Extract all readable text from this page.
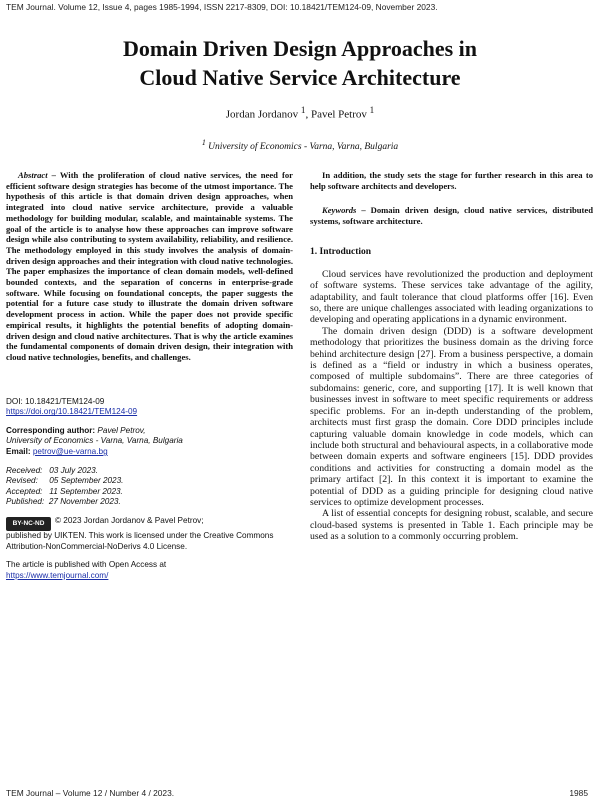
TEM Journal. Volume 12, Issue 4, pages 1985-1994, ISSN 2217-8309, DOI: 10.18421/TEM124-09, November 2023.
Domain Driven Design Approaches in
Cloud Native Service Architecture
Jordan Jordanov $^1$, Pavel Petrov $^1$
$^1$ University of Economics - Varna, Varna, Bulgaria

Abstract – With the proliferation of cloud native services, the need for efficient software design strategies has become of the utmost importance. The hypothesis of this article is that domain driven design approaches, when integrated into cloud native service architecture, provide a valuable methodology for building modular, scalable, and maintainable systems. The goal of the article is to analyse how these approaches can improve software design while also contributing to system availability, reliability, and resilience. The methodology employed in this study involves the analysis of domain-driven design approaches and their integration with cloud native technologies. The paper emphasizes the importance of clean domain models, well-defined bounded contexts, and the separation of concerns in enterprise-grade software. While focusing on foundational concepts, the paper suggests the potential for a future case study to illustrate the domain driven software development process in action. While the paper does not provide specific empirical results, it highlights the potential benefits of adopting domain-driven design and cloud native architectures. That is why the article examines the fundamental components of domain driven design, their integration with cloud native technologies, benefits, and challenges.

DOI: 10.18421/TEM124-09

https://doi.org/10.18421/TEM124-09

Corresponding author: Pavel Petrov,

University of Economics - Varna, Varna, Bulgaria

Email: petrov@ue-varna.bg

Received: 03 July 2023.

Revised: 05 September 2023.

Accepted: 11 September 2023.

Published: 27 November 2023.

BY-NC-ND	© 2023 Jordan Jordanov & Pavel Petrov;

published by UIKTEN. This work is licensed under the Creative Commons Attribution-NonCommercial-NoDerivs 4.0 License.

The article is published with Open Access at

https://www.temjournal.com/

In addition, the study sets the stage for further research in this area to help software architects and developers.

Keywords – Domain driven design, cloud native services, distributed systems, software architecture.

1. Introduction

Cloud services have revolutionized the production and deployment of software systems. These services take advantage of the agility, adaptability, and fault tolerance that cloud platforms offer [16]. Even so, there are unique challenges associated with leading organizations to developing and operating applications in a dynamic environment.

The domain driven design (DDD) is a software development methodology that prioritizes the business domain as the driving force behind architecture design [27]. From a business perspective, a domain is defined as a “field or industry in which a business operates, composed of multiple subdomains”. There are three categories of subdomains: generic, core, and supporting [17]. It is well known that businesses invest in software to meet specific requirements or address specific problems. For an in-depth understanding of the problem, architects must first grasp the domain. Core DDD principles include capturing valuable domain knowledge in code models, which can include both structural and behavioural aspects, in a collaborative mode between domain experts and software engineers [15]. DDD provides conditions and activities for constructing a domain model as the primary artifact [2]. In this context it is important to examine the potential of DDD as a guiding principle for designing cloud native services to optimize development processes.

A list of essential concepts for designing robust, scalable, and secure cloud-based systems is presented in Table 1. Each principle may be used as a solution to a commonly occurring problem.

TEM Journal – Volume 12 / Number 4 / 2023.	1985
